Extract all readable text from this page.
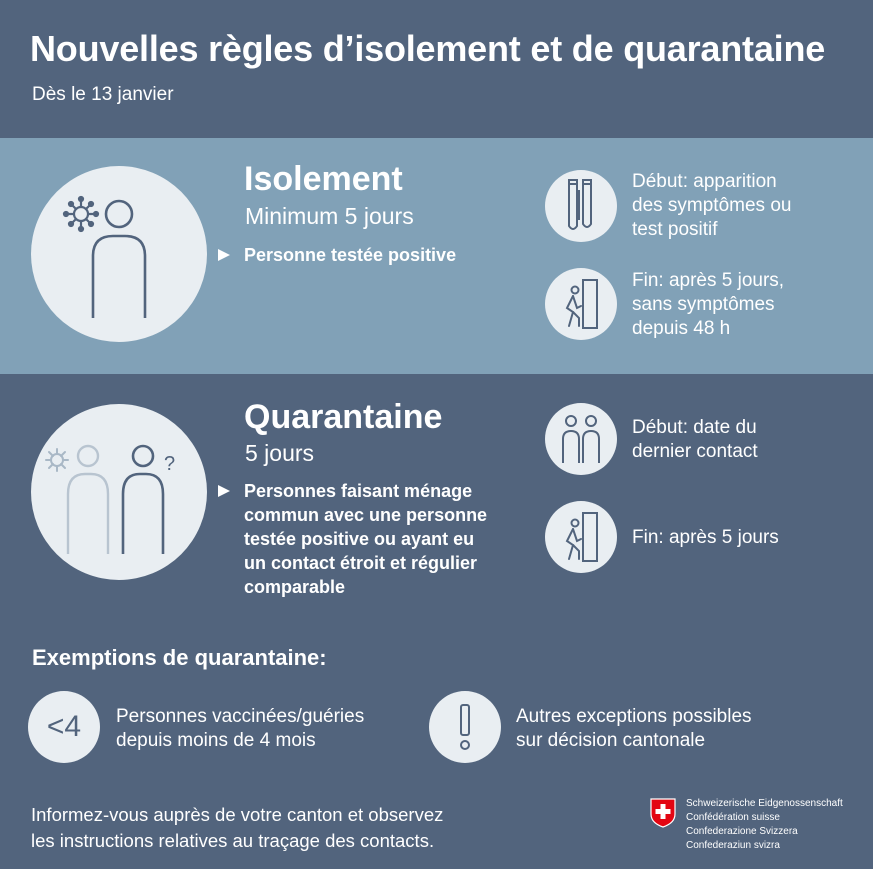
Nouvelles règles d’isolement et de quarantaine
Dès le 13 janvier
Isolement
Minimum 5 jours
Personne testée positive
Début: apparition
des symptômes ou
test positif
Fin: après 5 jours,
sans symptômes
depuis 48 h
?
Quarantaine
5 jours
Personnes faisant ménage
commun avec une personne
testée positive ou ayant eu
un contact étroit et régulier
comparable
Début: date du
dernier contact
Fin: après 5 jours
Exemptions de quarantaine:
<4	Personnes vaccinées/guéries
depuis moins de 4 mois
Autres exceptions possibles
sur décision cantonale
Informez-vous auprès de votre canton et observez
les instructions relatives au traçage des contacts.
Schweizerische Eidgenossenschaft
Confédération suisse
Confederazione Svizzera
Confederaziun svizra
